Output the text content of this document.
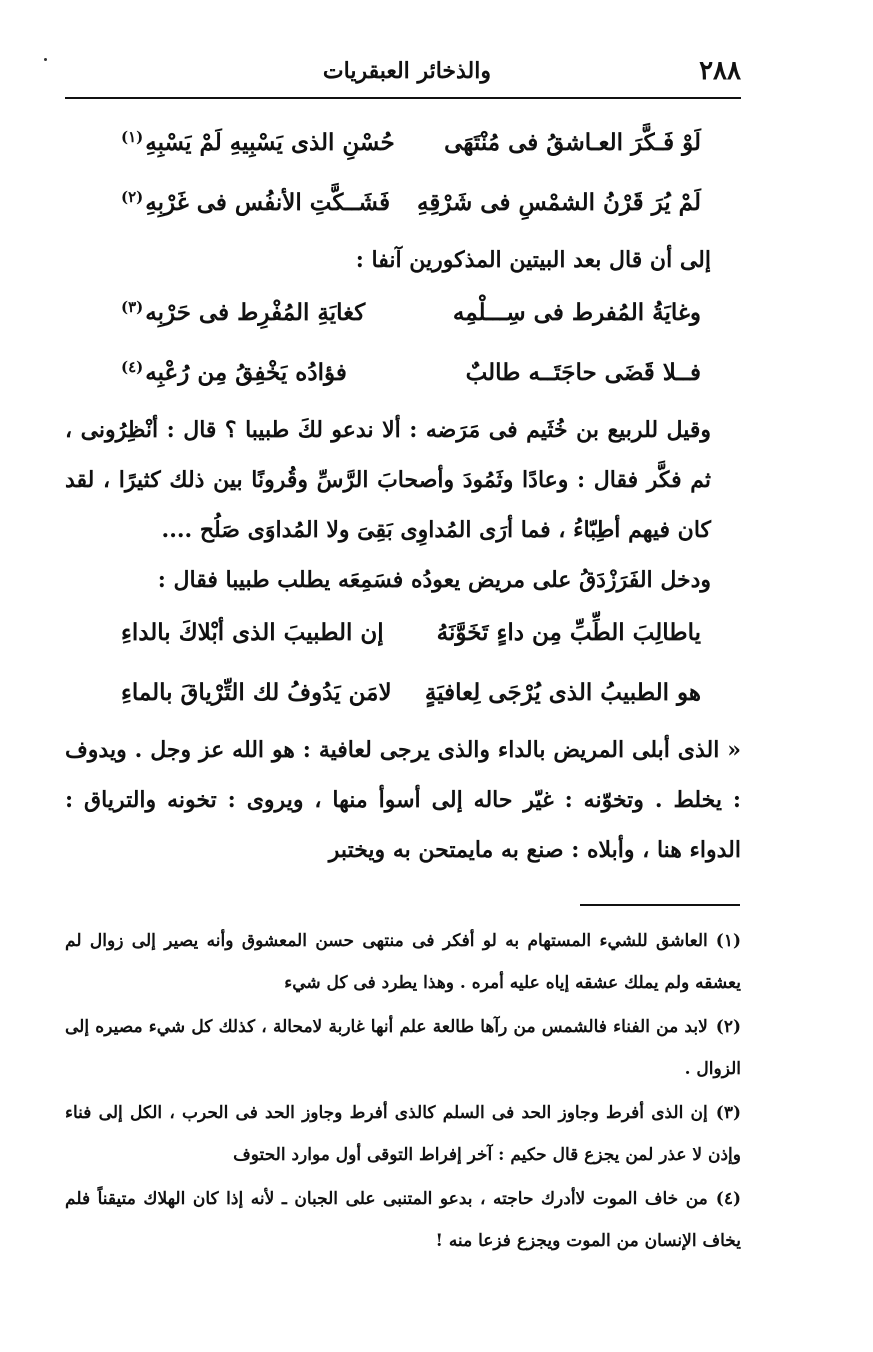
٢٨٨
والذخائر العبقريات
لَوْ فَـكَّرَ العـاشقُ فى مُنْتَهَى
حُسْنِ الذى يَسْبِيهِ لَمْ يَسْبِهِ$^{(١)}$
لَمْ يُرَ قَرْنُ الشمْسِ فى شَرْقِهِ
فَشَــكَّتِ الأنفُس فى غَرْبِهِ$^{(٢)}$

إلى أن قال بعد البيتين المذكورين آنفا :

وغايَةُ المُفرط فى سِـــلْمِه
كغايَةِ المُفْرِط فى حَرْبِه$^{(٣)}$
فــلا قَضَى حاجَتَــه طالبٌ
فؤادُه يَخْفِقُ مِن رُعْبِه$^{(٤)}$

وقيل للربيع بن خُثَيم فى مَرَضه : ألا ندعو لكَ طبيبا ؟ قال : أنْظِرُونى ، ثم فكَّر فقال : وعادًا وثَمُودَ وأصحابَ الرَّسِّ وقُرونًا بين ذلك كثيرًا ، لقد كان فيهم أطِبّاءُ ، فما أرَى المُداوِى بَقِىَ ولا المُداوَى صَلُح ....

ودخل الفَرَزْدَقُ على مريض يعودُه فسَمِعَه يطلب طبيبا فقال :

ياطالِبَ الطِّبِّ مِن داءٍ تَخَوَّنَهُ
إن الطبيبَ الذى أبْلاكَ بالداءِ
هو الطبيبُ الذى يُرْجَى لِعافيَةٍ
لامَن يَدُوفُ لك التِّرْياقَ بالماءِ

« الذى أبلى المريض بالداء والذى يرجى لعافية : هو الله عز وجل . ويدوف : يخلط . وتخوّنه : غيّر حاله إلى أسوأ منها ، ويروى : تخونه والترياق : الدواء هنا ، وأبلاه : صنع به مايمتحن به ويختبر

(١)العاشق للشيء المستهام به لو أفكر فى منتهى حسن المعشوق وأنه يصير إلى زوال لم يعشقه ولم يملك عشقه إياه عليه أمره . وهذا يطرد فى كل شيء

(٢)لابد من الفناء فالشمس من رآها طالعة علم أنها غاربة لامحالة ، كذلك كل شيء مصيره إلى الزوال .

(٣)إن الذى أفرط وجاوز الحد فى السلم كالذى أفرط وجاوز الحد فى الحرب ، الكل إلى فناء وإذن لا عذر لمن يجزع قال حكيم : آخر إفراط التوقى أول موارد الحتوف

(٤)من خاف الموت لاأدرك حاجته ، بدعو المتنبى على الجبان ـ لأنه إذا كان الهلاك متيقناً فلم يخاف الإنسان من الموت ويجزع فزعا منه !
